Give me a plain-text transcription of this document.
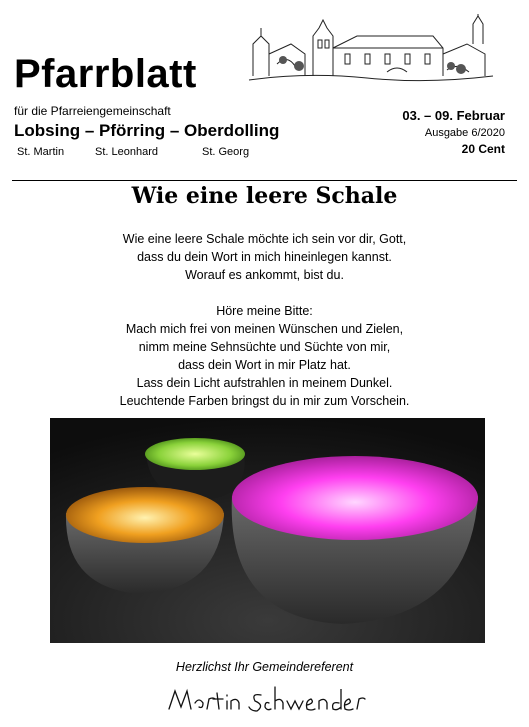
Pfarrblatt
für die Pfarreiengemeinschaft
Lobsing – Pförring – Oberdolling
St. Martin	St. Leonhard	St. Georg
03. – 09. Februar
Ausgabe 6/2020
20 Cent
Wie eine leere Schale
Wie eine leere Schale möchte ich sein vor dir, Gott,
dass du dein Wort in mich hineinlegen kannst.
Worauf es ankommt, bist du.
Höre meine Bitte:
Mach mich frei von meinen Wünschen und Zielen,
nimm meine Sehnsüchte und Süchte von mir,
dass dein Wort in mir Platz hat.
Lass dein Licht aufstrahlen in meinem Dunkel.
Leuchtende Farben bringst du in mir zum Vorschein.
Herzlichst Ihr Gemeindereferent
